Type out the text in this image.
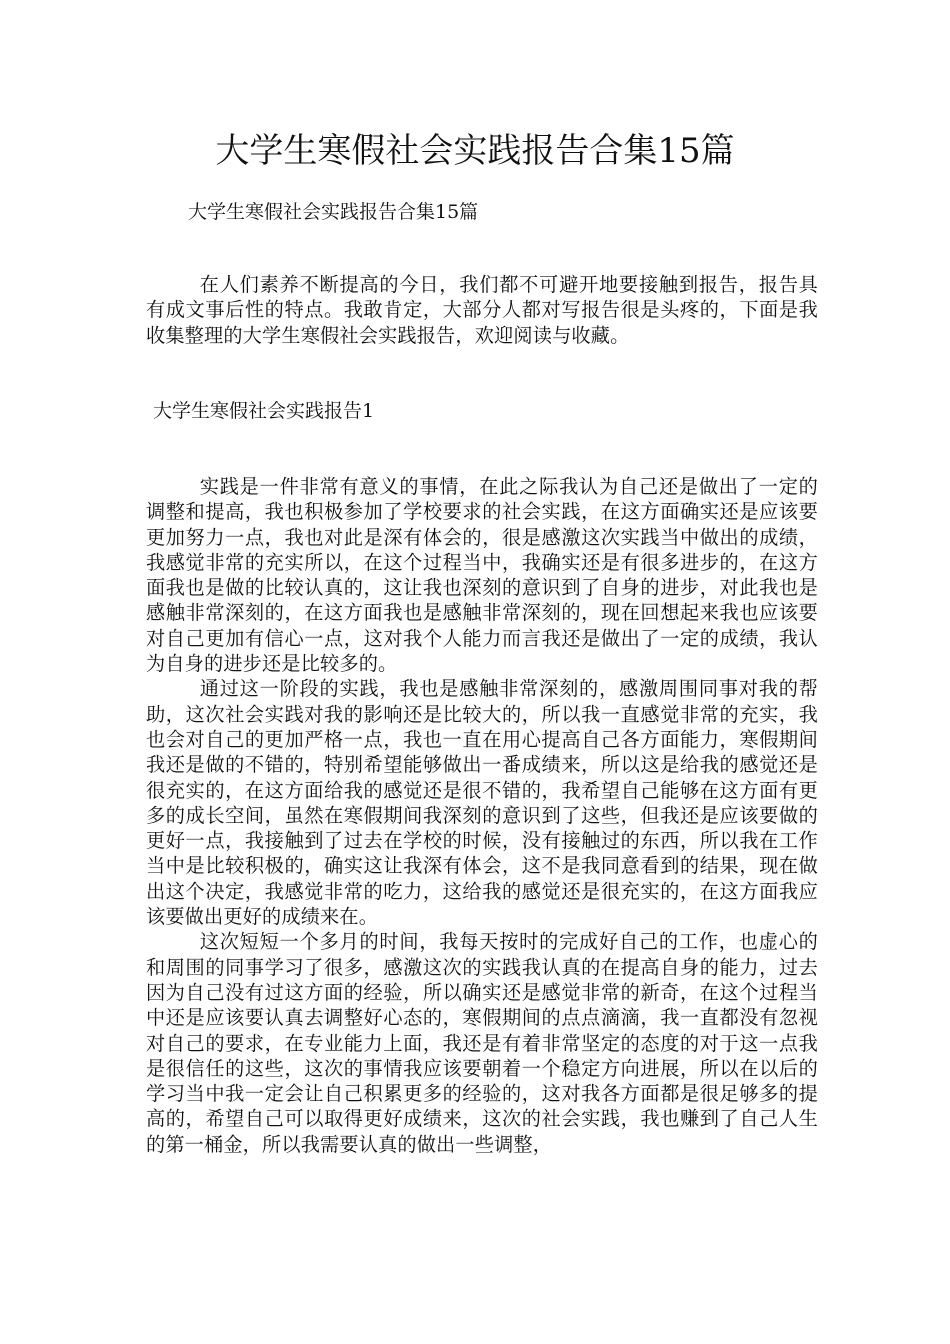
大学生寒假社会实践报告合集15篇

大学生寒假社会实践报告合集15篇

在人们素养不断提高的今日，我们都不可避开地要接触到报告，报告具有成文事后性的特点。我敢肯定，大部分人都对写报告很是头疼的，下面是我收集整理的大学生寒假社会实践报告，欢迎阅读与收藏。

大学生寒假社会实践报告1

实践是一件非常有意义的事情，在此之际我认为自己还是做出了一定的调整和提高，我也积极参加了学校要求的社会实践，在这方面确实还是应该要更加努力一点，我也对此是深有体会的，很是感激这次实践当中做出的成绩，我感觉非常的充实所以，在这个过程当中，我确实还是有很多进步的，在这方面我也是做的比较认真的，这让我也深刻的意识到了自身的进步，对此我也是感触非常深刻的，在这方面我也是感触非常深刻的，现在回想起来我也应该要对自己更加有信心一点，这对我个人能力而言我还是做出了一定的成绩，我认为自身的进步还是比较多的。
通过这一阶段的实践，我也是感触非常深刻的，感激周围同事对我的帮助，这次社会实践对我的影响还是比较大的，所以我一直感觉非常的充实，我也会对自己的更加严格一点，我也一直在用心提高自己各方面能力，寒假期间我还是做的不错的，特别希望能够做出一番成绩来，所以这是给我的感觉还是很充实的，在这方面给我的感觉还是很不错的，我希望自己能够在这方面有更多的成长空间，虽然在寒假期间我深刻的意识到了这些，但我还是应该要做的更好一点，我接触到了过去在学校的时候，没有接触过的东西，所以我在工作当中是比较积极的，确实这让我深有体会，这不是我同意看到的结果，现在做出这个决定，我感觉非常的吃力，这给我的感觉还是很充实的，在这方面我应该要做出更好的成绩来在。
这次短短一个多月的时间，我每天按时的完成好自己的工作，也虚心的和周围的同事学习了很多，感激这次的实践我认真的在提高自身的能力，过去因为自己没有过这方面的经验，所以确实还是感觉非常的新奇，在这个过程当中还是应该要认真去调整好心态的，寒假期间的点点滴滴，我一直都没有忽视对自己的要求，在专业能力上面，我还是有着非常坚定的态度的对于这一点我是很信任的这些，这次的事情我应该要朝着一个稳定方向进展，所以在以后的学习当中我一定会让自己积累更多的经验的，这对我各方面都是很足够多的提高的，希望自己可以取得更好成绩来，这次的社会实践，我也赚到了自己人生的第一桶金，所以我需要认真的做出一些调整，
